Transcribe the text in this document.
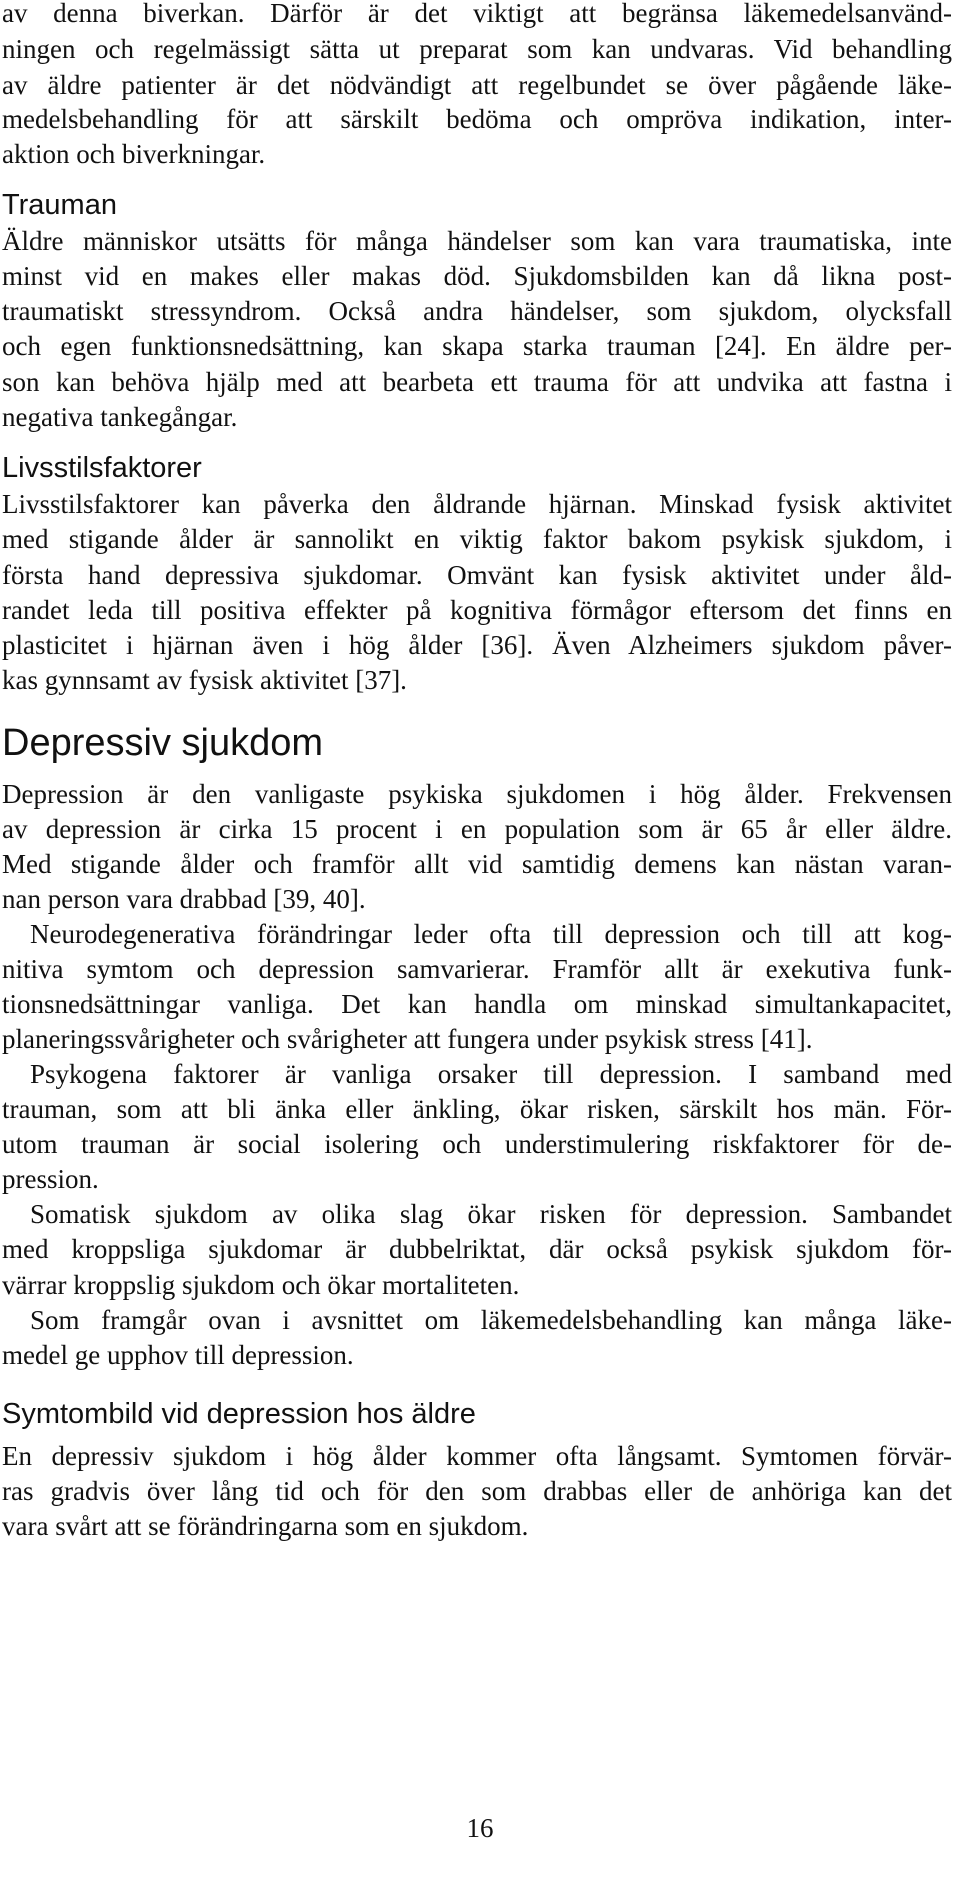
av denna biverkan. Därför är det viktigt att begränsa läkemedelsanvänd-
ningen och regelmässigt sätta ut preparat som kan undvaras. Vid behandling
av äldre patienter är det nödvändigt att regelbundet se över pågående läke-
medelsbehandling för att särskilt bedöma och ompröva indikation, inter-
aktion och biverkningar.
Trauman
Äldre människor utsätts för många händelser som kan vara traumatiska, inte
minst vid en makes eller makas död. Sjukdomsbilden kan då likna post-
traumatiskt stressyndrom. Också andra händelser, som sjukdom, olycksfall
och egen funktionsnedsättning, kan skapa starka trauman [24]. En äldre per-
son kan behöva hjälp med att bearbeta ett trauma för att undvika att fastna i
negativa tankegångar.
Livsstilsfaktorer
Livsstilsfaktorer kan påverka den åldrande hjärnan. Minskad fysisk aktivitet
med stigande ålder är sannolikt en viktig faktor bakom psykisk sjukdom, i
första hand depressiva sjukdomar. Omvänt kan fysisk aktivitet under åld-
randet leda till positiva effekter på kognitiva förmågor eftersom det finns en
plasticitet i hjärnan även i hög ålder [36]. Även Alzheimers sjukdom påver-
kas gynnsamt av fysisk aktivitet [37].
Depressiv sjukdom
Depression är den vanligaste psykiska sjukdomen i hög ålder. Frekvensen
av depression är cirka 15 procent i en population som är 65 år eller äldre.
Med stigande ålder och framför allt vid samtidig demens kan nästan varan-
nan person vara drabbad [39, 40].
Neurodegenerativa förändringar leder ofta till depression och till att kog-
nitiva symtom och depression samvarierar. Framför allt är exekutiva funk-
tionsnedsättningar vanliga. Det kan handla om minskad simultankapacitet,
planeringssvårigheter och svårigheter att fungera under psykisk stress [41].
Psykogena faktorer är vanliga orsaker till depression. I samband med
trauman, som att bli änka eller änkling, ökar risken, särskilt hos män. För-
utom trauman är social isolering och understimulering riskfaktorer för de-
pression.
Somatisk sjukdom av olika slag ökar risken för depression. Sambandet
med kroppsliga sjukdomar är dubbelriktat, där också psykisk sjukdom för-
värrar kroppslig sjukdom och ökar mortaliteten.
Som framgår ovan i avsnittet om läkemedelsbehandling kan många läke-
medel ge upphov till depression.
Symtombild vid depression hos äldre
En depressiv sjukdom i hög ålder kommer ofta långsamt. Symtomen förvär-
ras gradvis över lång tid och för den som drabbas eller de anhöriga kan det
vara svårt att se förändringarna som en sjukdom.
16
